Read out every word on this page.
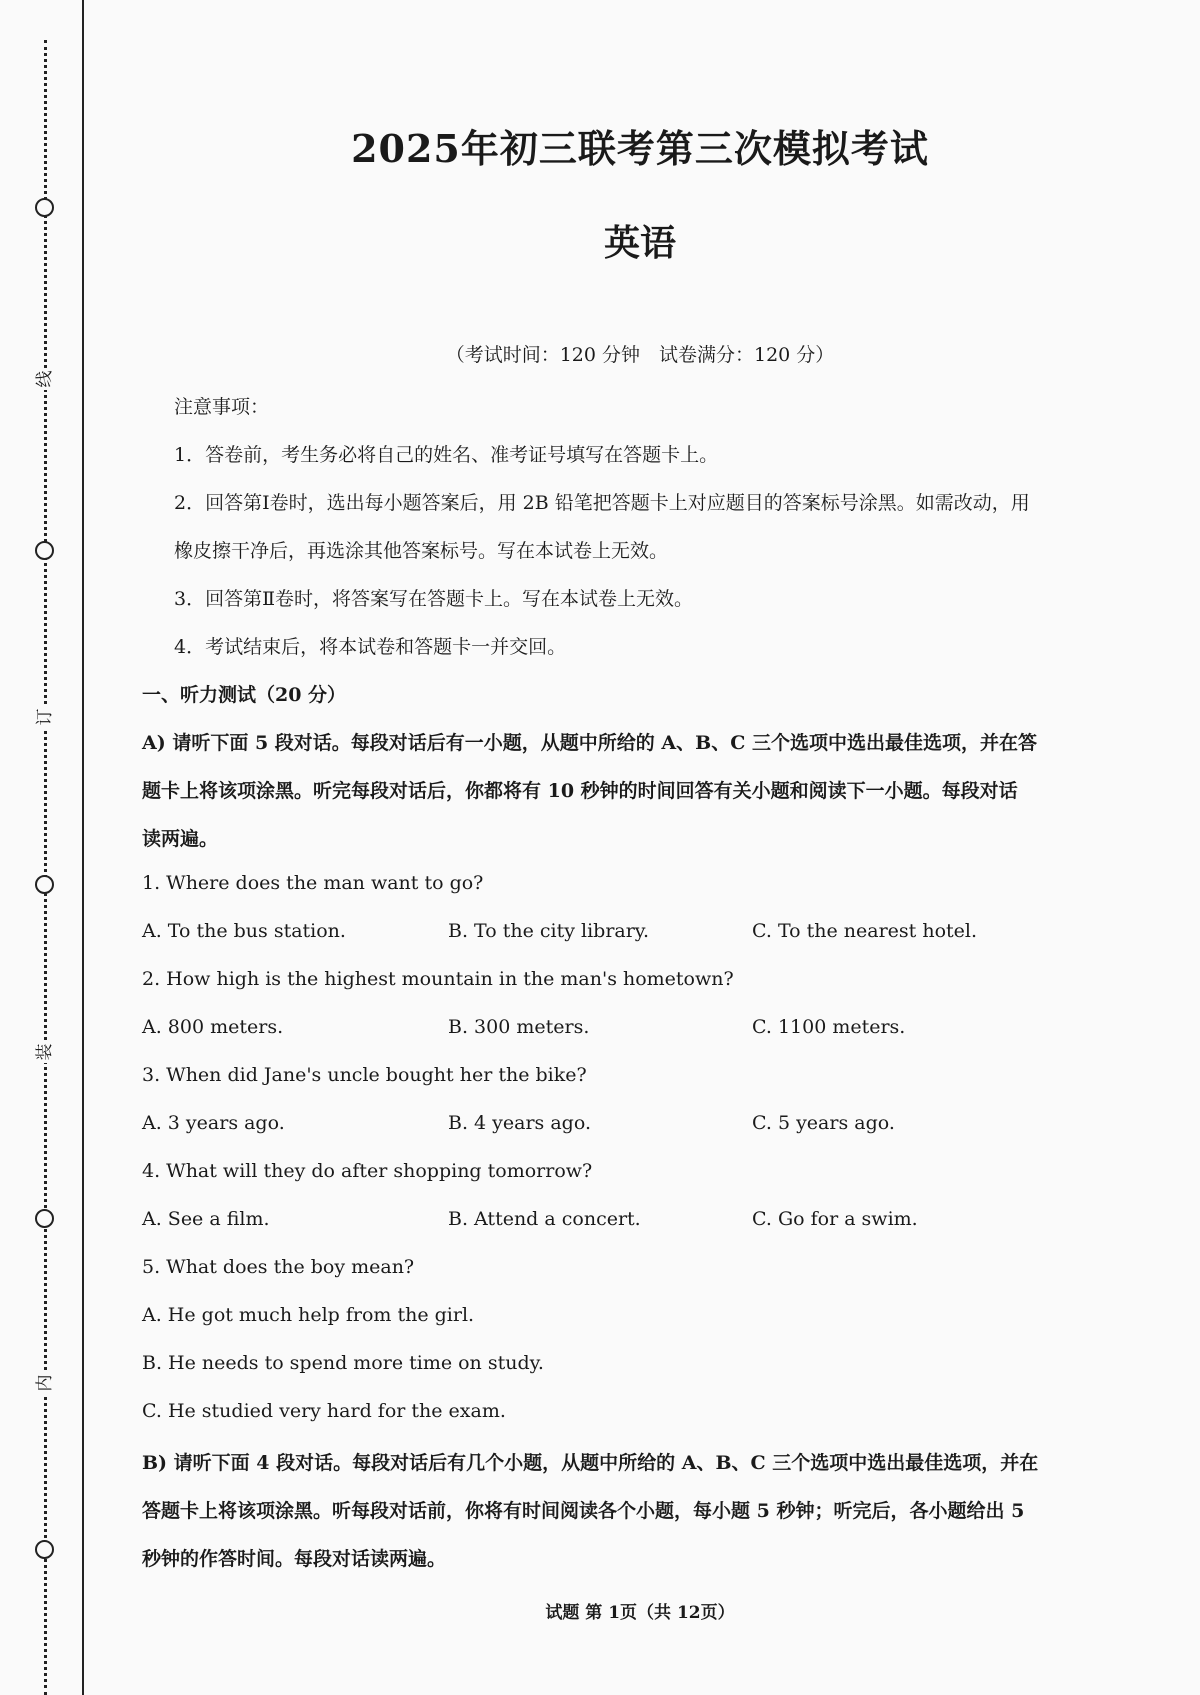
线
订
装
内
2025年初三联考第三次模拟考试
英语
（考试时间：120 分钟　试卷满分：120 分）
注意事项：
1．答卷前，考生务必将自己的姓名、准考证号填写在答题卡上。
2．回答第Ⅰ卷时，选出每小题答案后，用 2B 铅笔把答题卡上对应题目的答案标号涂黑。如需改动，用
橡皮擦干净后，再选涂其他答案标号。写在本试卷上无效。
3．回答第Ⅱ卷时，将答案写在答题卡上。写在本试卷上无效。
4．考试结束后，将本试卷和答题卡一并交回。
一、听力测试（20 分）
A) 请听下面 5 段对话。每段对话后有一小题，从题中所给的 A、B、C 三个选项中选出最佳选项，并在答
题卡上将该项涂黑。听完每段对话后，你都将有 10 秒钟的时间回答有关小题和阅读下一小题。每段对话
读两遍。
1. Where does the man want to go?
A. To the bus station.	B. To the city library.	C. To the nearest hotel.
2. How high is the highest mountain in the man's hometown?
A. 800 meters.	B. 300 meters.	C. 1100 meters.
3. When did Jane's uncle bought her the bike?
A. 3 years ago.	B. 4 years ago.	C. 5 years ago.
4. What will they do after shopping tomorrow?
A. See a film.	B. Attend a concert.	C. Go for a swim.
5. What does the boy mean?
A. He got much help from the girl.
B. He needs to spend more time on study.
C. He studied very hard for the exam.
B) 请听下面 4 段对话。每段对话后有几个小题，从题中所给的 A、B、C 三个选项中选出最佳选项，并在
答题卡上将该项涂黑。听每段对话前，你将有时间阅读各个小题，每小题 5 秒钟；听完后，各小题给出 5
秒钟的作答时间。每段对话读两遍。
试题 第 1页（共 12页）
